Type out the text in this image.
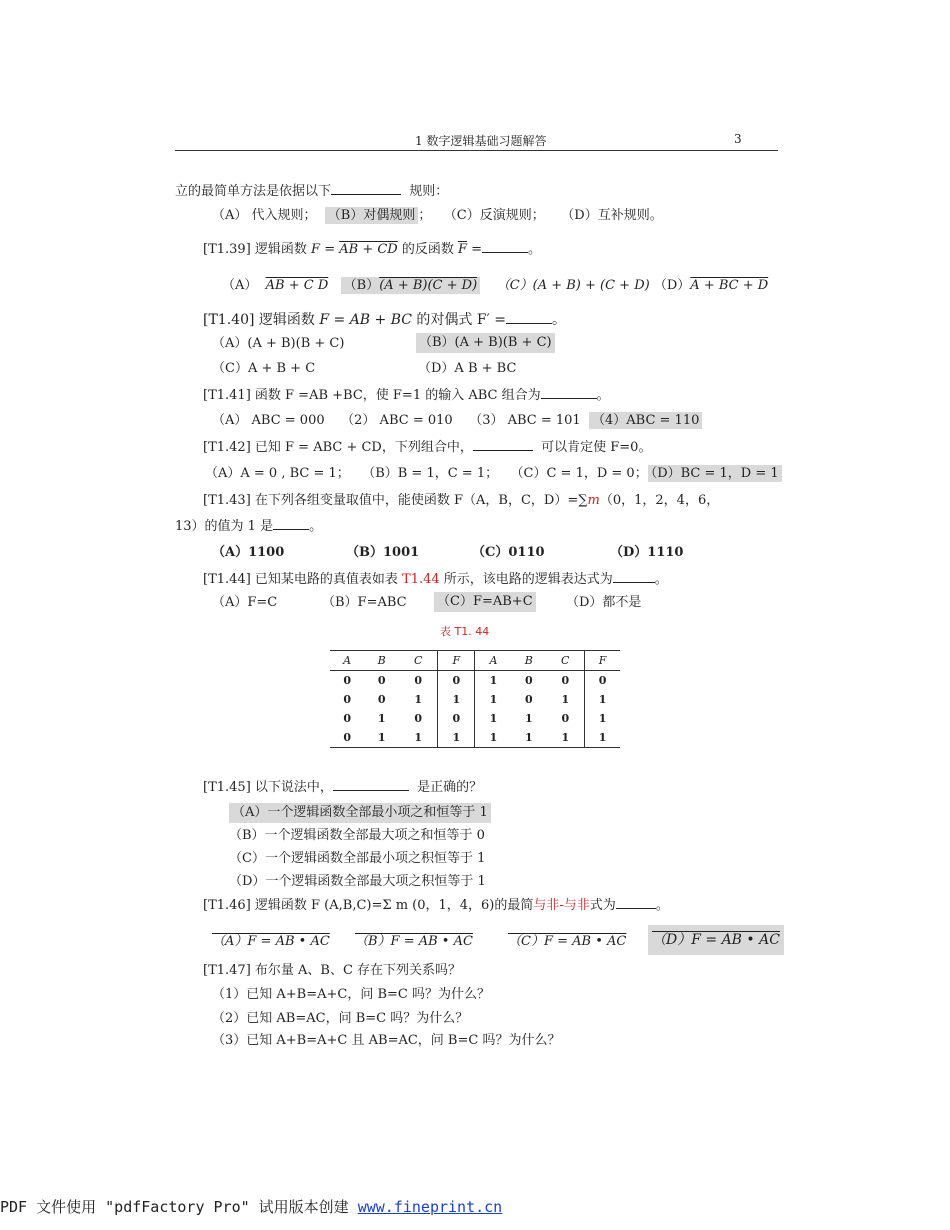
1 数字逻辑基础习题解答	3
立的最简单方法是依据以下	规则：
（A） 代入规则； （B）对偶规则 ； （C）反演规则； （D）互补规则。
[T1.39] 逻辑函数 F = AB + CD 的反函数 $\overline{F}$ =	。
（A） AB + C D （B）(A + B)(C + D) （C）(A + B) + (C + D) （D）A + BC + D
[T1.40] 逻辑函数 F = AB + BC 的对偶式 F′ =	。
（A）(A + B)(B + C)	（B）(A + B)(B + C)
（C）A + B + C	（D）A B + BC
[T1.41] 函数 F =AB +BC，使 F=1 的输入 ABC 组合为	。
（A） ABC = 000 （2） ABC = 010 （3） ABC = 101 （4）ABC = 110
[T1.42] 已知 F = ABC + CD，下列组合中，	可以肯定使 F=0。
（A）A = 0 , BC = 1； （B）B = 1，C = 1； （C）C = 1，D = 0； （D）BC = 1，D = 1
[T1.43] 在下列各组变量取值中，能使函数 F（A，B，C，D）=∑m（0，1，2，4，6，
13）的值为 1 是	。
（A）1100	（B）1001	（C）0110	（D）1110
[T1.44] 已知某电路的真值表如表 T1.44 所示，该电路的逻辑表达式为	。
（A）F=C	（B）F=ABC （C）F=AB+C	（D）都不是
表 T1. 44
A	B	C	F	A	B	C	F
0	0	0	0	1	0	0	0
0	0	1	1	1	0	1	1
0	1	0	0	1	1	0	1
0	1	1	1	1	1	1	1
[T1.45] 以下说法中，	是正确的？
（A）一个逻辑函数全部最小项之和恒等于 1
（B）一个逻辑函数全部最大项之和恒等于 0
（C）一个逻辑函数全部最小项之积恒等于 1
（D）一个逻辑函数全部最大项之积恒等于 1
[T1.46] 逻辑函数 F (A,B,C)=Σ m (0，1，4，6)的最简与非-与非式为	。
（A）F = AB • AC （B）F = AB • AC	（C）F = AB • AC （D）F = AB • AC
[T1.47] 布尔量 A、B、C 存在下列关系吗？
（1）已知 A+B=A+C，问 B=C 吗？为什么？
（2）已知 AB=AC，问 B=C 吗？为什么？
（3）已知 A+B=A+C 且 AB=AC，问 B=C 吗？为什么？
PDF 文件使用 "pdfFactory Pro" 试用版本创建 www.fineprint.cn
